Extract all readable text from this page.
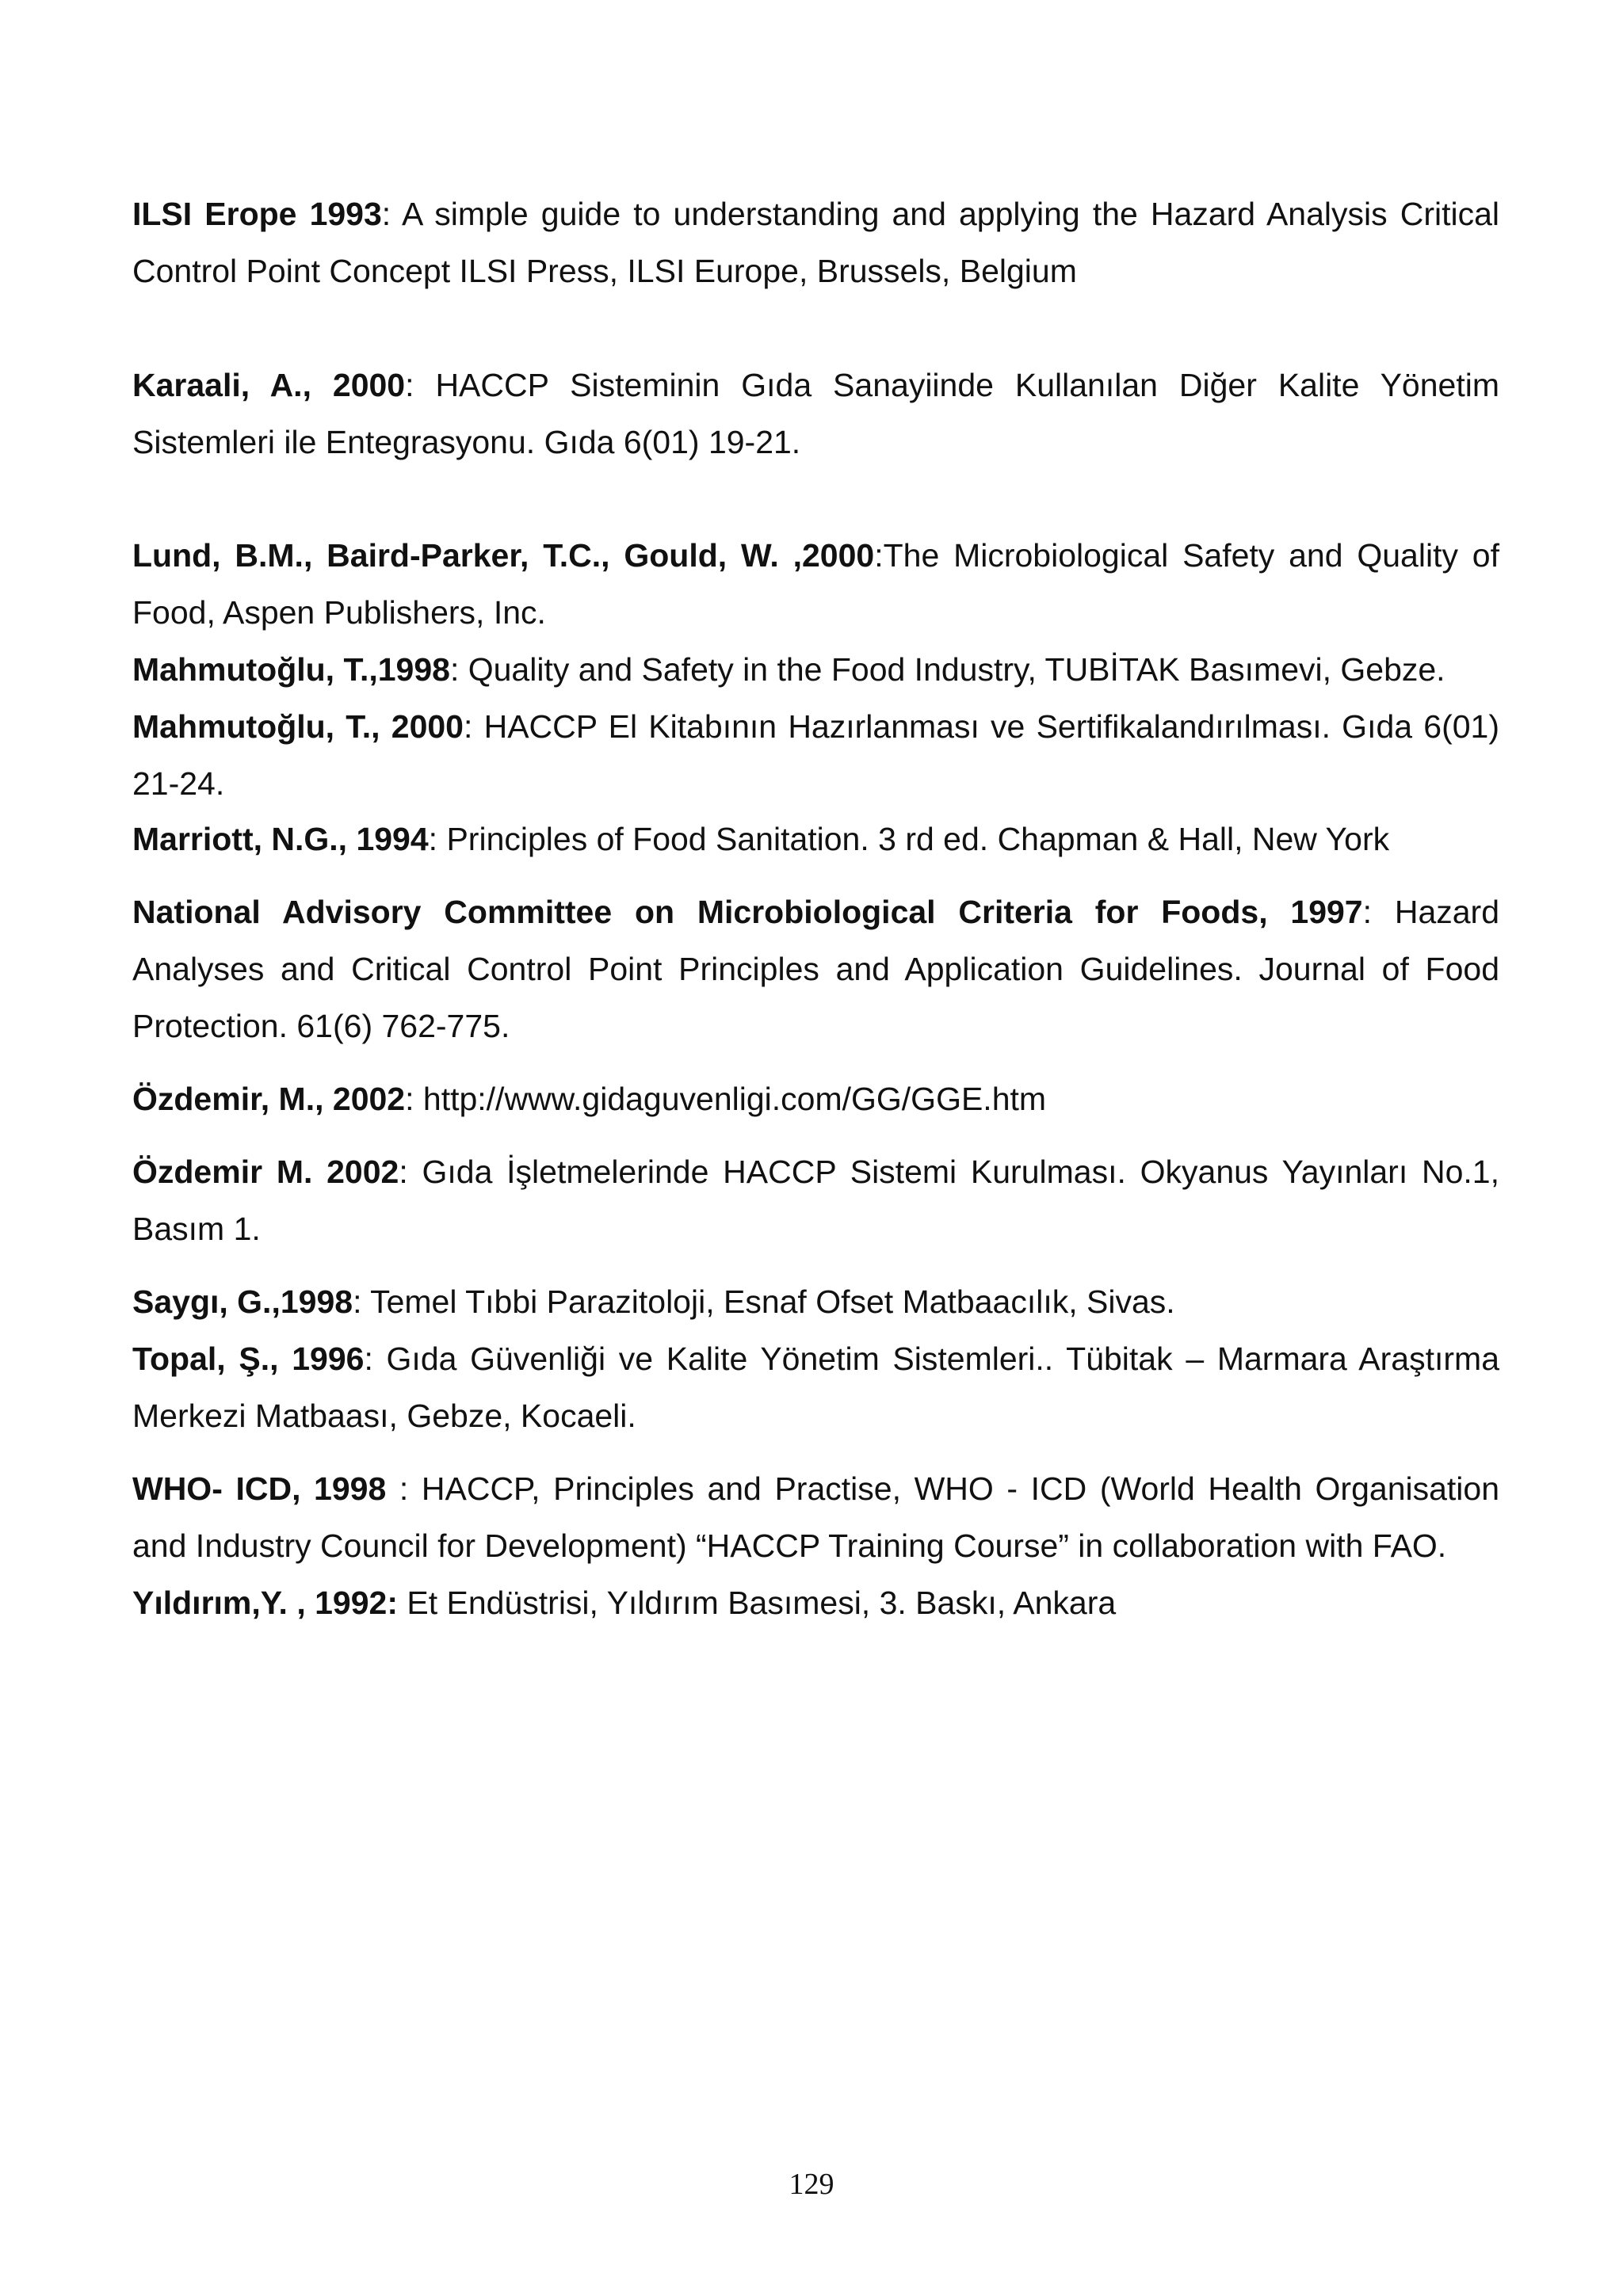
ILSI Erope 1993: A simple guide to understanding and applying the Hazard Analysis Critical Control Point Concept ILSI Press, ILSI Europe, Brussels, Belgium

Karaali, A., 2000: HACCP Sisteminin Gıda Sanayiinde Kullanılan Diğer Kalite Yönetim Sistemleri ile Entegrasyonu. Gıda 6(01) 19-21.

Lund, B.M., Baird-Parker, T.C., Gould, W. ,2000:The Microbiological Safety and Quality of Food, Aspen Publishers, Inc.

Mahmutoğlu, T.,1998: Quality and Safety in the Food Industry, TUBİTAK Basımevi, Gebze.

Mahmutoğlu, T., 2000: HACCP El Kitabının Hazırlanması ve Sertifikalandırılması. Gıda 6(01) 21-24.

Marriott, N.G., 1994: Principles of Food Sanitation. 3 rd ed. Chapman & Hall, New York

National Advisory Committee on Microbiological Criteria for Foods, 1997: Hazard Analyses and Critical Control Point Principles and Application Guidelines. Journal of Food Protection. 61(6) 762-775.

Özdemir, M., 2002: http://www.gidaguvenligi.com/GG/GGE.htm

Özdemir M. 2002: Gıda İşletmelerinde HACCP Sistemi Kurulması. Okyanus Yayınları No.1, Basım 1.

Saygı, G.,1998: Temel Tıbbi Parazitoloji, Esnaf Ofset Matbaacılık, Sivas.

Topal, Ş., 1996: Gıda Güvenliği ve Kalite Yönetim Sistemleri.. Tübitak – Marmara Araştırma Merkezi Matbaası, Gebze, Kocaeli.

WHO- ICD, 1998 : HACCP, Principles and Practise, WHO - ICD (World Health Organisation and Industry Council for Development) “HACCP Training Course” in collaboration with FAO.

Yıldırım,Y. , 1992: Et Endüstrisi, Yıldırım Basımesi, 3. Baskı, Ankara

129
